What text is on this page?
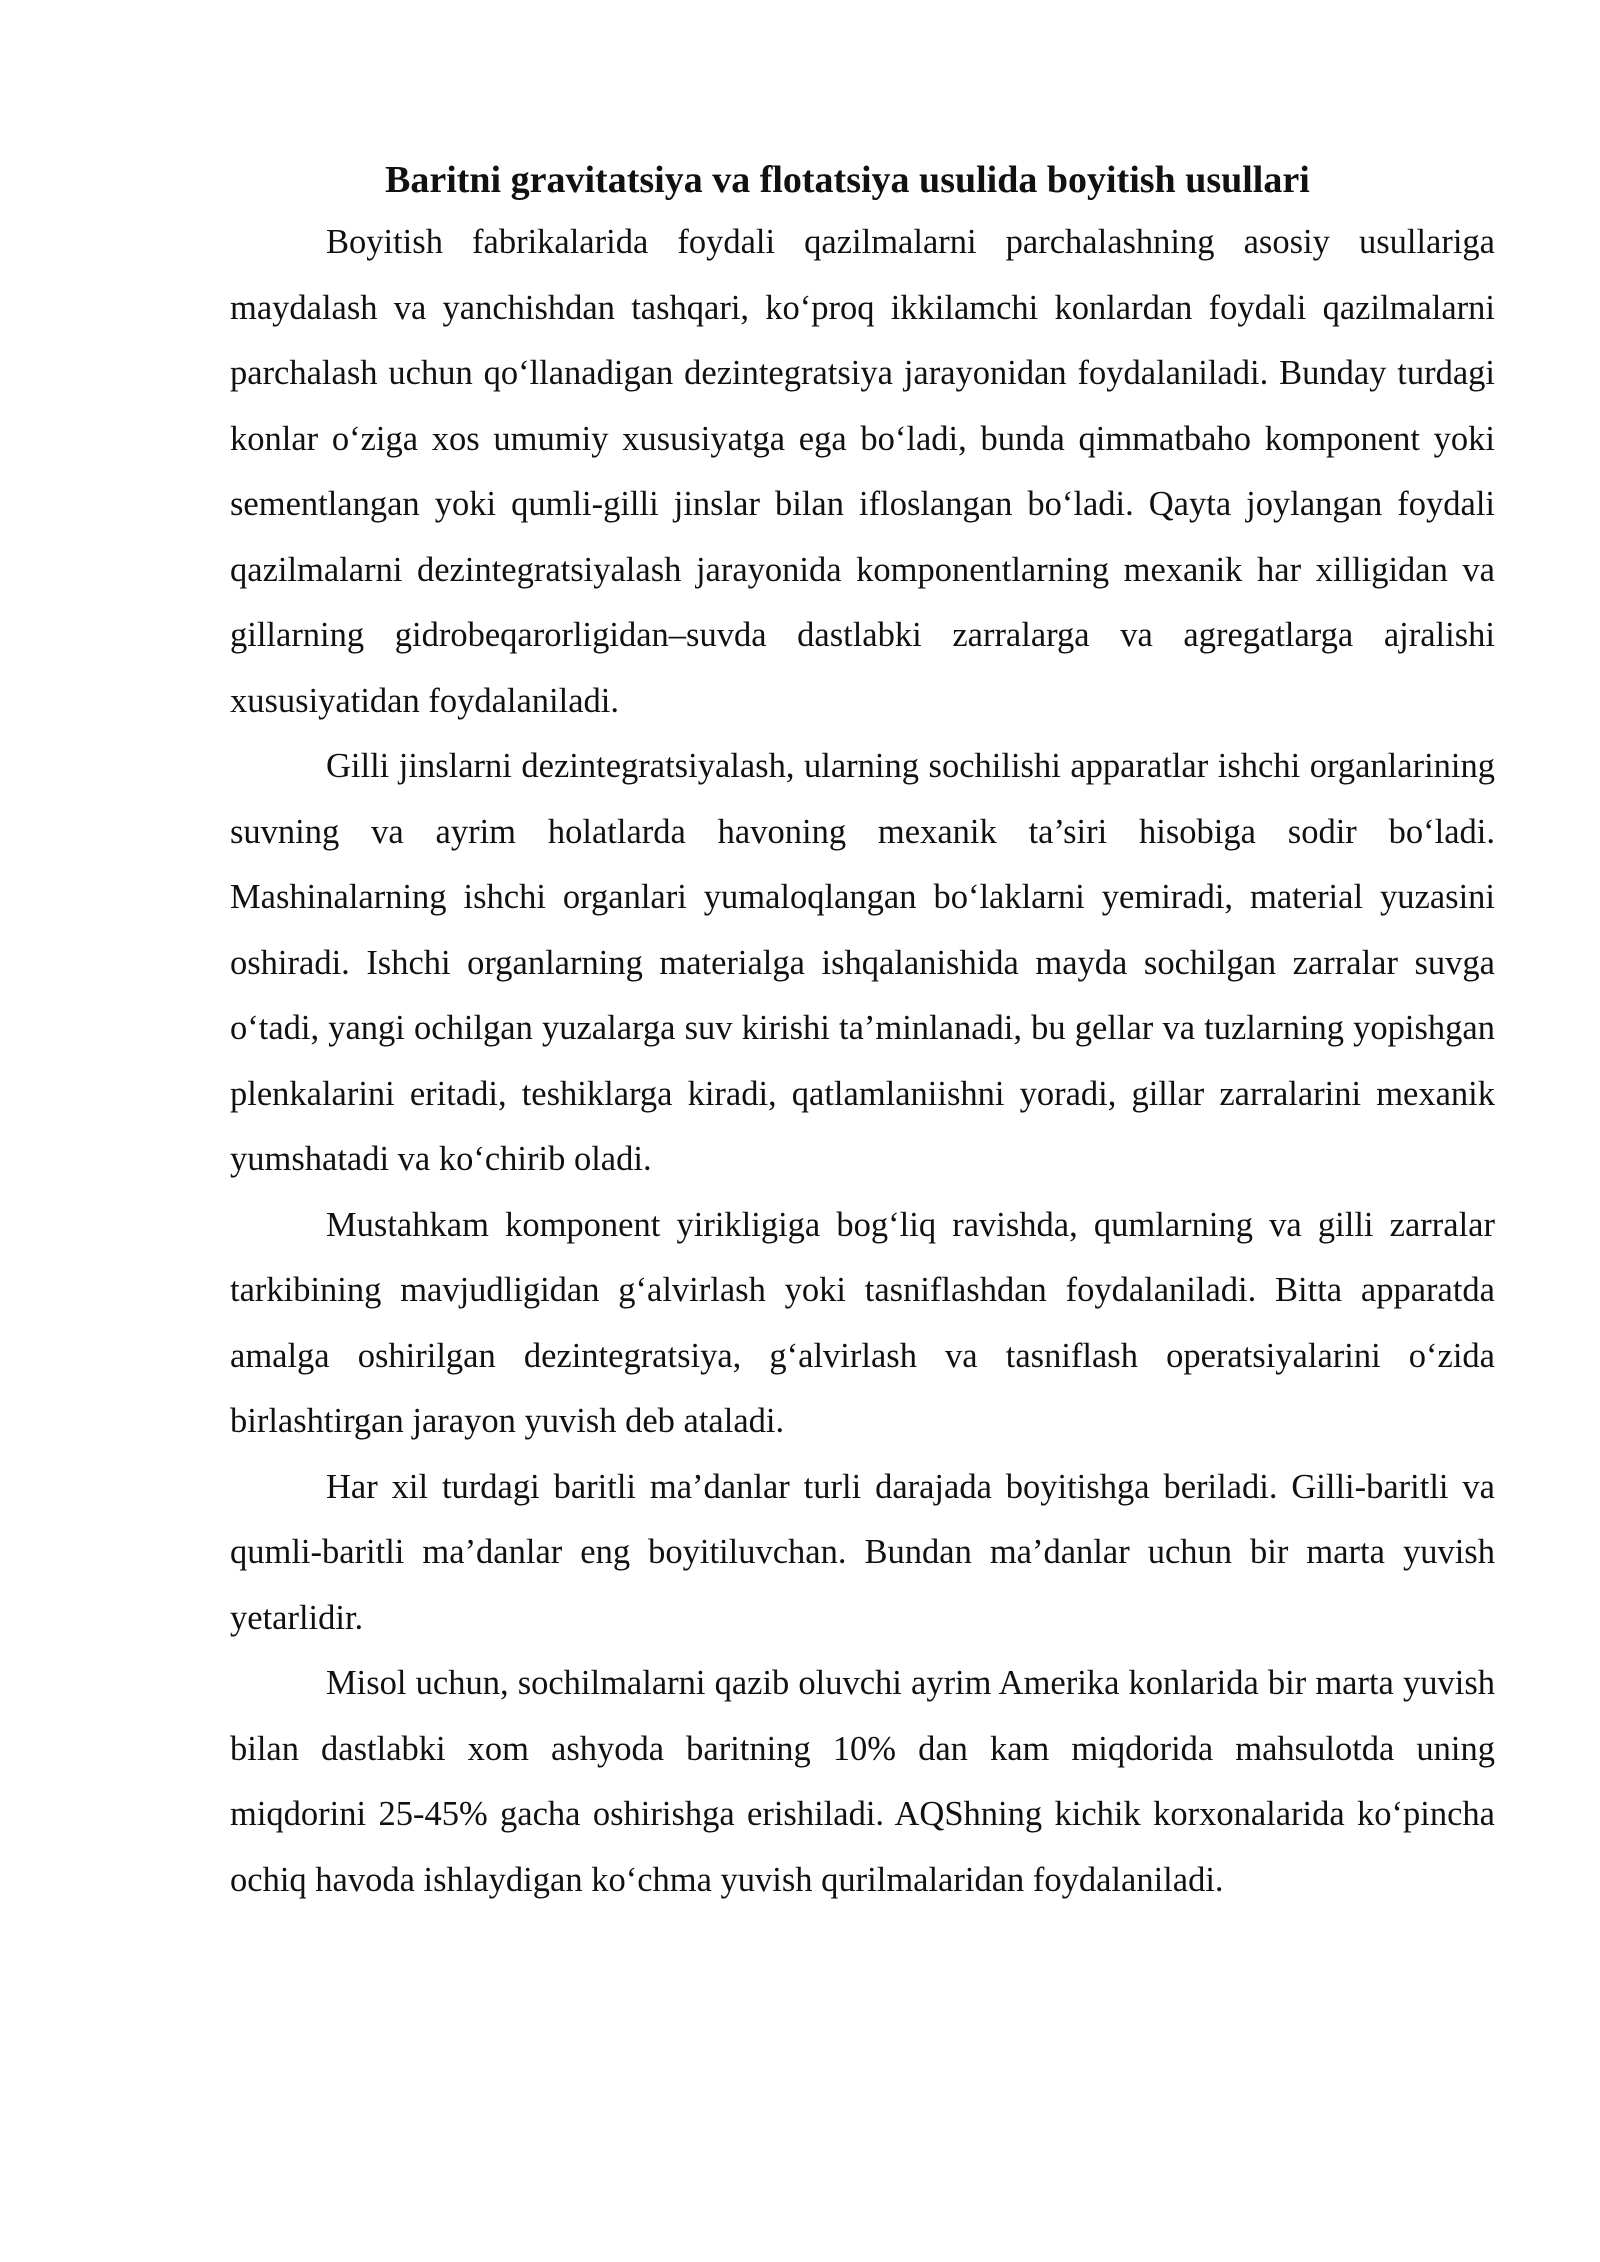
Baritni gravitatsiya va flotatsiya usulida boyitish usullari

Boyitish fabrikalarida foydali qazilmalarni parchalashning asosiy usullariga maydalash va yanchishdan tashqari, ko‘proq ikkilamchi konlardan foydali qazilmalarni parchalash uchun qo‘llanadigan dezintegratsiya jarayonidan foydalaniladi. Bunday turdagi konlar o‘ziga xos umumiy xususiyatga ega bo‘ladi, bunda qimmatbaho komponent yoki sementlangan yoki qumli-gilli jinslar bilan ifloslangan bo‘ladi. Qayta joylangan foydali qazilmalarni dezintegratsiyalash jarayonida komponentlarning mexanik har xilligidan va gillarning gidrobeqarorligidan–suvda dastlabki zarralarga va agregatlarga ajralishi xususiyatidan foydalaniladi.

Gilli jinslarni dezintegratsiyalash, ularning sochilishi apparatlar ishchi organlarining suvning va ayrim holatlarda havoning mexanik ta’siri hisobiga sodir bo‘ladi. Mashinalarning ishchi organlari yumaloqlangan bo‘laklarni yemiradi, material yuzasini oshiradi. Ishchi organlarning materialga ishqalanishida mayda sochilgan zarralar suvga o‘tadi, yangi ochilgan yuzalarga suv kirishi ta’minlanadi, bu gellar va tuzlarning yopishgan plenkalarini eritadi, teshiklarga kiradi, qatlamlaniishni yoradi, gillar zarralarini mexanik yumshatadi va ko‘chirib oladi.

Mustahkam komponent yirikligiga bog‘liq ravishda, qumlarning va gilli zarralar tarkibining mavjudligidan g‘alvirlash yoki tasniflashdan foydalaniladi. Bitta apparatda amalga oshirilgan dezintegratsiya, g‘alvirlash va tasniflash operatsiyalarini o‘zida birlashtirgan jarayon yuvish deb ataladi.

Har xil turdagi baritli ma’danlar turli darajada boyitishga beriladi. Gilli-baritli va qumli-baritli ma’danlar eng boyitiluvchan. Bundan ma’danlar uchun bir marta yuvish yetarlidir.

Misol uchun, sochilmalarni qazib oluvchi ayrim Amerika konlarida bir marta yuvish bilan dastlabki xom ashyoda baritning 10% dan kam miqdorida mahsulotda uning miqdorini 25-45% gacha oshirishga erishiladi. AQShning kichik korxonalarida ko‘pincha ochiq havoda ishlaydigan ko‘chma yuvish qurilmalaridan foydalaniladi.
